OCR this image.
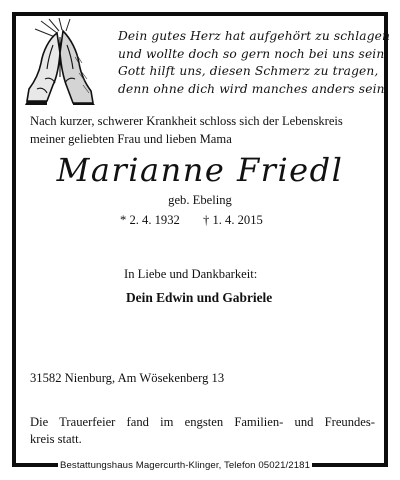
Dein gutes Herz hat aufgehört zu schlagen
und wollte doch so gern noch bei uns sein.
Gott hilft uns, diesen Schmerz zu tragen,
denn ohne dich wird manches anders sein.

Nach kurzer, schwerer Krankheit schloss sich der Lebenskreis
meiner geliebten Frau und lieben Mama
Marianne Friedl
geb. Ebeling
* 2. 4. 1932 † 1. 4. 2015
In Liebe und Dankbarkeit:
Dein Edwin und Gabriele
31582 Nienburg, Am Wösekenberg 13
Die Trauerfeier fand im engsten Familien- und Freundes-
kreis statt.
Bestattungshaus Magercurth-Klinger, Telefon 05021/2181
